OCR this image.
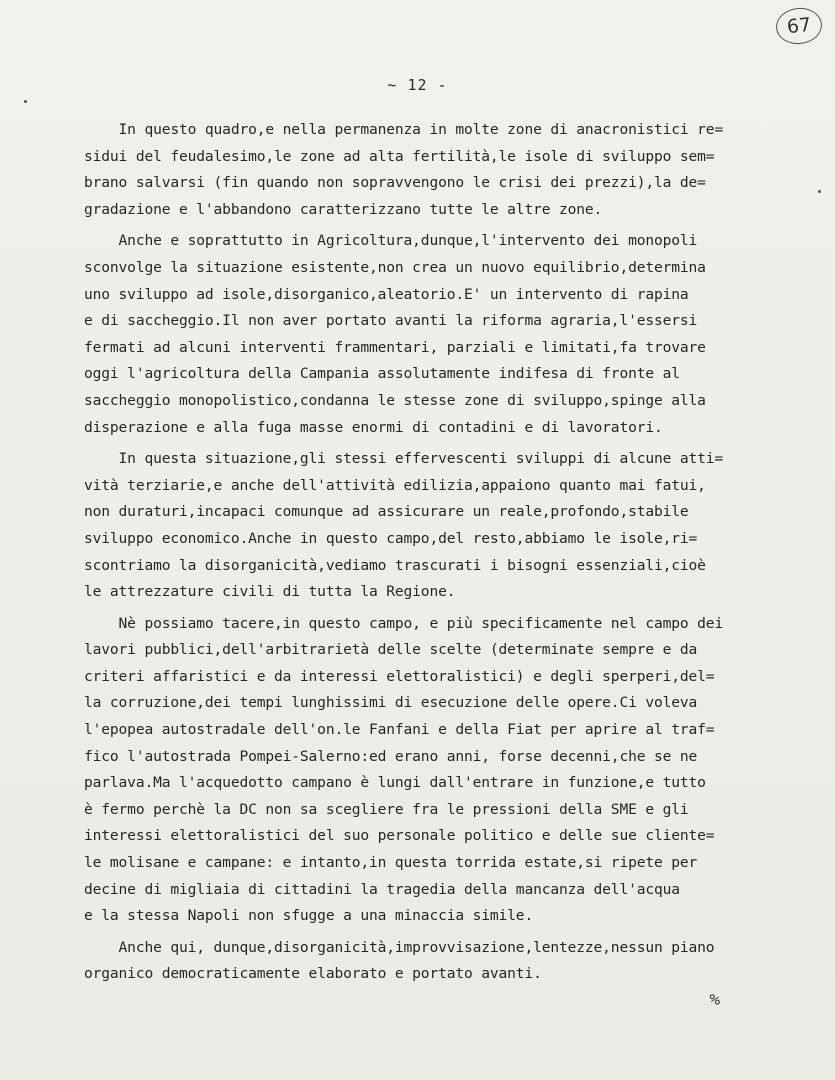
67
~ 12 -
In questo quadro,e nella permanenza in molte zone di anacronistici re=
sidui del feudalesimo,le zone ad alta fertilità,le isole di sviluppo sem=
brano salvarsi (fin quando non sopravvengono le crisi dei prezzi),la de=
gradazione e l'abbandono caratterizzano tutte le altre zone.
Anche e soprattutto in Agricoltura,dunque,l'intervento dei monopoli
sconvolge la situazione esistente,non crea un nuovo equilibrio,determina
uno sviluppo ad isole,disorganico,aleatorio.E' un intervento di rapina
e di saccheggio.Il non aver portato avanti la riforma agraria,l'essersi
fermati ad alcuni interventi frammentari, parziali e limitati,fa trovare
oggi l'agricoltura della Campania assolutamente indifesa di fronte al
saccheggio monopolistico,condanna le stesse zone di sviluppo,spinge alla
disperazione e alla fuga masse enormi di contadini e di lavoratori.
In questa situazione,gli stessi effervescenti sviluppi di alcune atti=
vità terziarie,e anche dell'attività edilizia,appaiono quanto mai fatui,
non duraturi,incapaci comunque ad assicurare un reale,profondo,stabile
sviluppo economico.Anche in questo campo,del resto,abbiamo le isole,ri=
scontriamo la disorganicità,vediamo trascurati i bisogni essenziali,cioè
le attrezzature civili di tutta la Regione.
Nè possiamo tacere,in questo campo, e più specificamente nel campo dei
lavori pubblici,dell'arbitrarietà delle scelte (determinate sempre e da
criteri affaristici e da interessi elettoralistici) e degli sperperi,del=
la corruzione,dei tempi lunghissimi di esecuzione delle opere.Ci voleva
l'epopea autostradale dell'on.le Fanfani e della Fiat per aprire al traf=
fico l'autostrada Pompei-Salerno:ed erano anni, forse decenni,che se ne
parlava.Ma l'acquedotto campano è lungi dall'entrare in funzione,e tutto
è fermo perchè la DC non sa scegliere fra le pressioni della SME e gli
interessi elettoralistici del suo personale politico e delle sue cliente=
le molisane e campane: e intanto,in questa torrida estate,si ripete per
decine di migliaia di cittadini la tragedia della mancanza dell'acqua
e la stessa Napoli non sfugge a una minaccia simile.
Anche qui, dunque,disorganicità,improvvisazione,lentezze,nessun piano
organico democraticamente elaborato e portato avanti.
%
